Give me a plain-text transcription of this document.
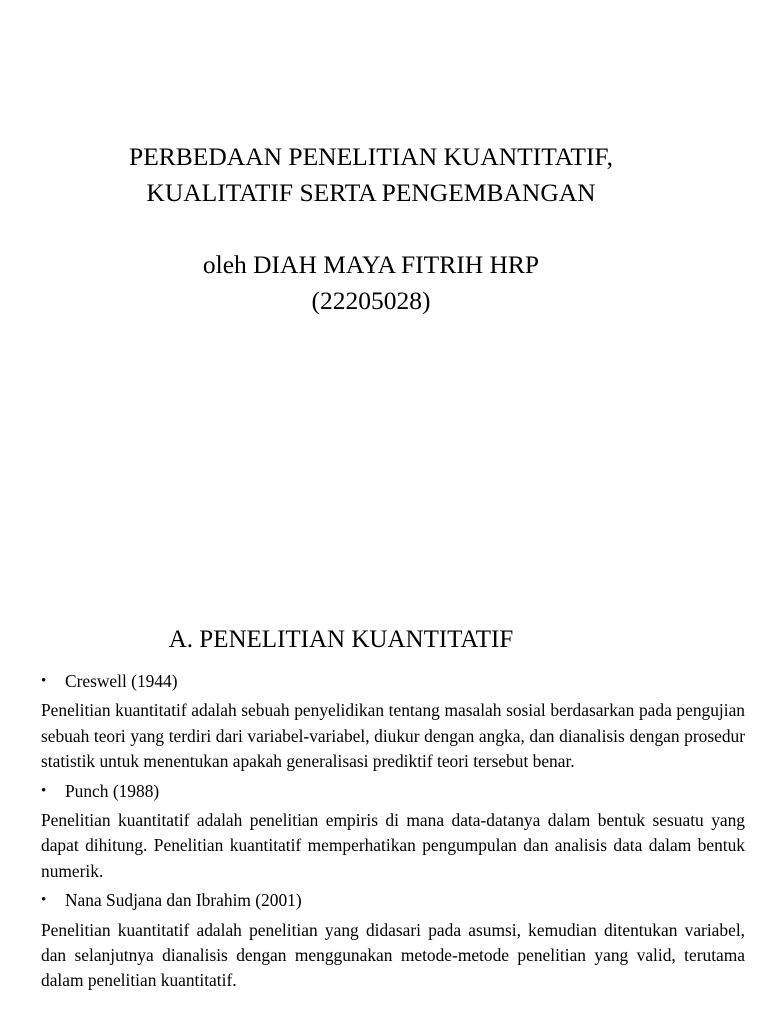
PERBEDAAN PENELITIAN KUANTITATIF,
KUALITATIF SERTA PENGEMBANGAN
oleh DIAH MAYA FITRIH HRP
(22205028)
A. PENELITIAN KUANTITATIF

• Creswell (1944)

Penelitian kuantitatif adalah sebuah penyelidikan tentang masalah sosial berdasarkan pada pengujian sebuah teori yang terdiri dari variabel-variabel, diukur dengan angka, dan dianalisis dengan prosedur statistik untuk menentukan apakah generalisasi prediktif teori tersebut benar.

• Punch (1988)

Penelitian kuantitatif adalah penelitian empiris di mana data-datanya dalam bentuk sesuatu yang dapat dihitung. Penelitian kuantitatif memperhatikan pengumpulan dan analisis data dalam bentuk numerik.

• Nana Sudjana dan Ibrahim (2001)

Penelitian kuantitatif adalah penelitian yang didasari pada asumsi, kemudian ditentukan variabel, dan selanjutnya dianalisis dengan menggunakan metode-metode penelitian yang valid, terutama dalam penelitian kuantitatif.
